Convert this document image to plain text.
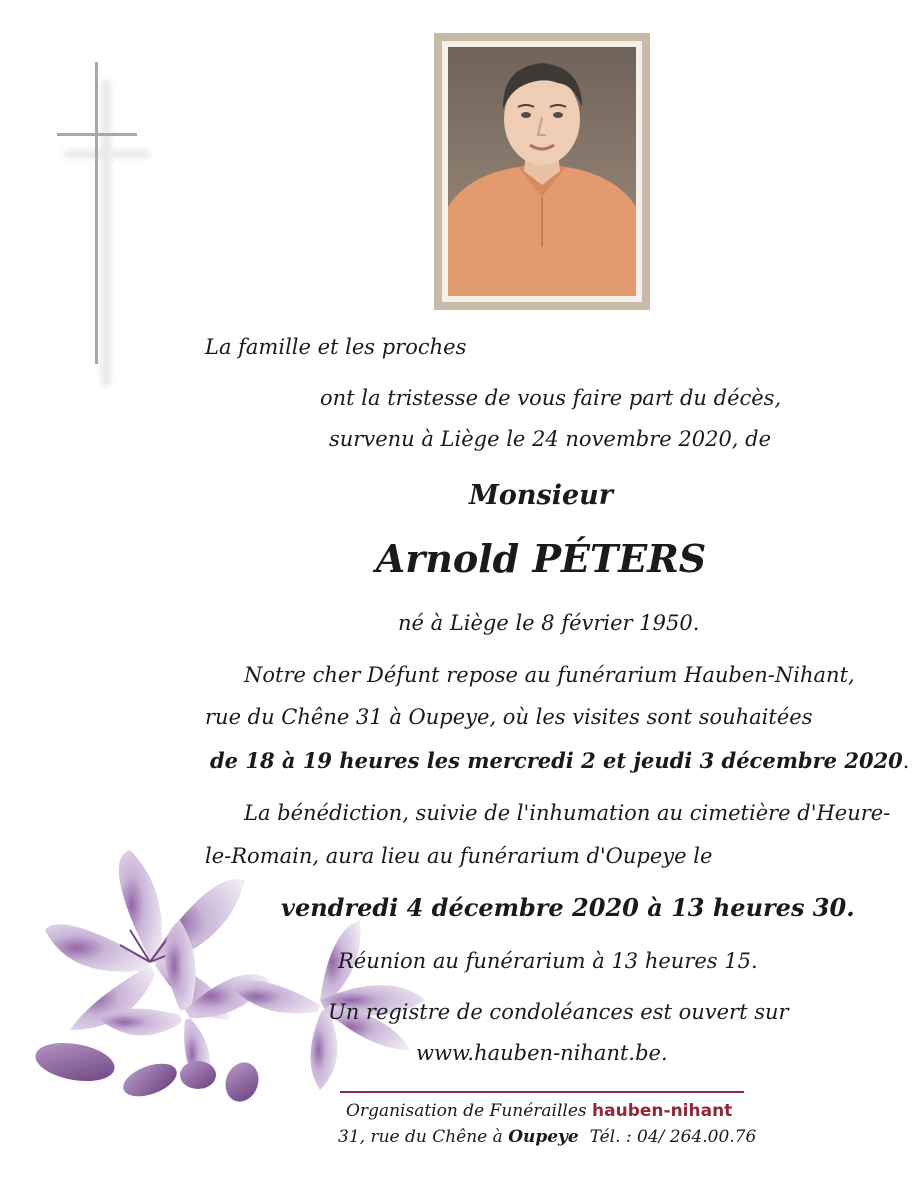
La famille et les proches
ont la tristesse de vous faire part du décès,
survenu à Liège le 24 novembre 2020, de
Monsieur
Arnold PÉTERS
né à Liège le 8 février 1950.
Notre cher Défunt repose au funérarium Hauben-Nihant,
rue du Chêne 31 à Oupeye, où les visites sont souhaitées
de 18 à 19 heures les mercredi 2 et jeudi 3 décembre 2020.
La bénédiction, suivie de l'inhumation au cimetière d'Heure-
le-Romain, aura lieu au funérarium d'Oupeye le
vendredi 4 décembre 2020 à 13 heures 30.
Réunion au funérarium à 13 heures 15.
Un registre de condoléances est ouvert sur
www.hauben-nihant.be.
Organisation de Funérailles hauben-nihant
31, rue du Chêne à Oupeye Tél. : 04/ 264.00.76
